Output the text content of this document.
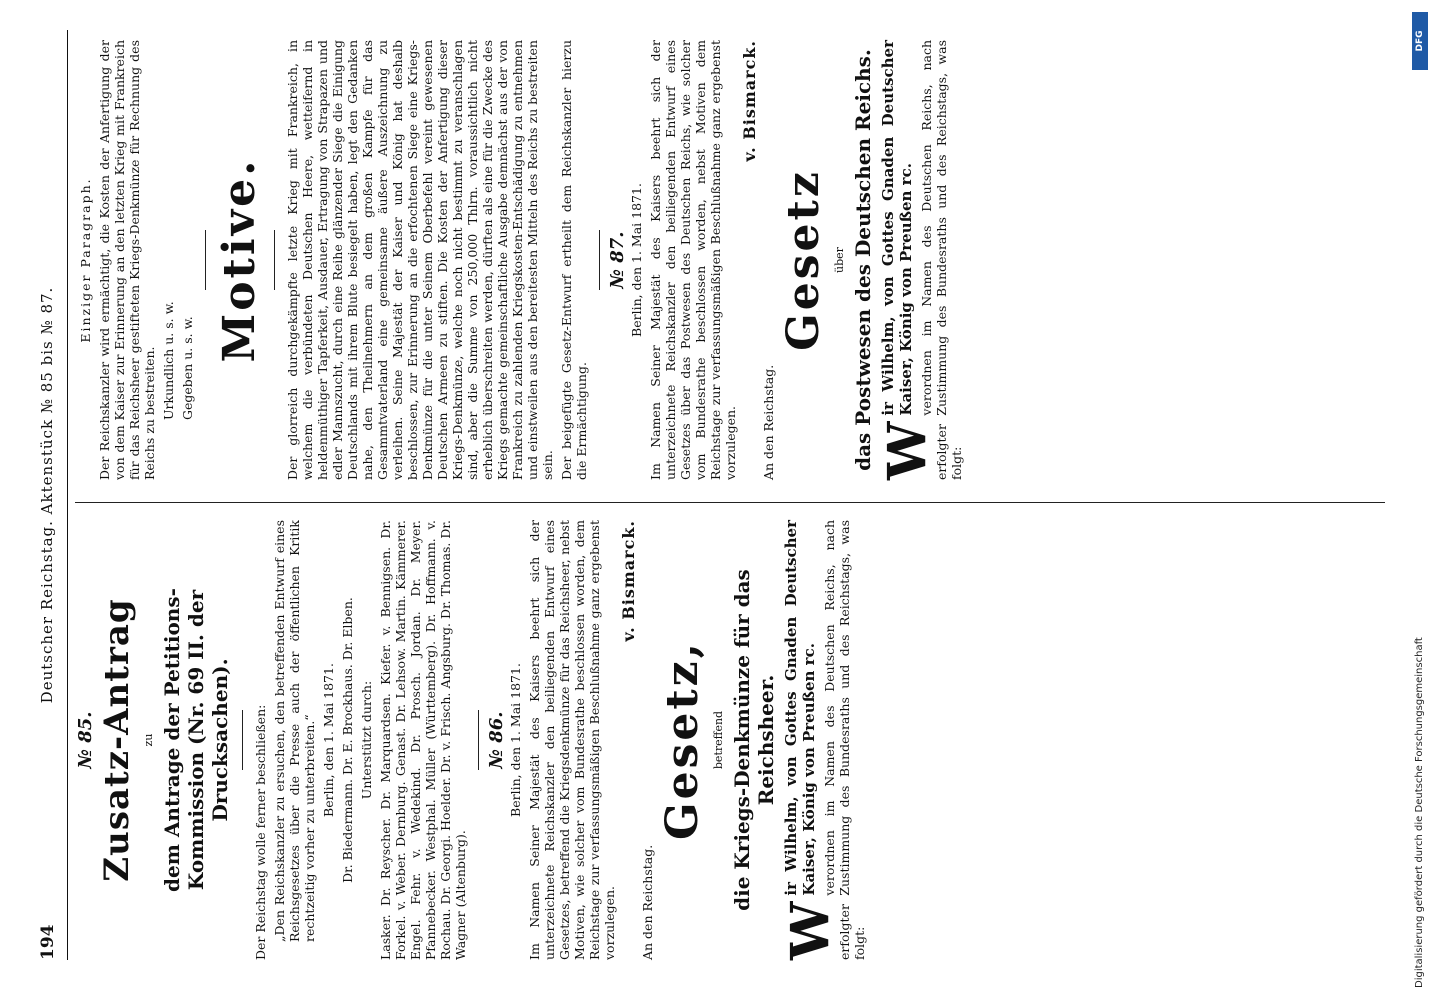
194
Deutscher Reichstag. Aktenstück № 85 bis № 87.

№ 85. Zusatz-Antrag zu dem Antrage der Petitions-Kommission (Nr. 69 II. der Drucksachen). Der Reichstag wolle ferner beschließen: „Den Reichskanzler zu ersuchen, den betreffenden Entwurf eines Reichsgesetzes über die Presse auch der öffentlichen Kritik rechtzeitig vorher zu unterbreiten.“ Berlin, den 1. Mai 1871. Dr. Biedermann. Dr. E. Brockhaus. Dr. Elben. Unterstützt durch: Lasker. Dr. Reyscher. Dr. Marquardsen. Kiefer. v. Bennigsen. Dr. Forkel. v. Weber. Dernburg. Genast. Dr. Lehsow. Martin. Kämmerer. Engel. Fehr. v. Wedekind. Dr. Prosch. Jordan. Dr. Meyer. Pfannebecker. Westphal. Müller (Württemberg). Dr. Hoffmann. v. Rochau. Dr. Georgi. Hoelder. Dr. v. Frisch. Angsburg. Dr. Thomas. Dr. Wagner (Altenburg).

№ 86. Berlin, den 1. Mai 1871. Im Namen Seiner Majestät des Kaisers beehrt sich der unterzeichnete Reichskanzler den beiliegenden Entwurf eines Gesetzes, betreffend die Kriegsdenkmünze für das Reichsheer, nebst Motiven, wie solcher vom Bundesrathe beschlossen worden, dem Reichstage zur verfassungsmäßigen Beschlußnahme ganz ergebenst vorzulegen.

v. Bismarck.

An den Reichstag.

Gesetz, betreffend die Kriegs-Denkmünze für das Reichsheer.

W
ir Wilhelm, von Gottes Gnaden Deutscher Kaiser, König von Preußen rc. verordnen im Namen des Deutschen Reichs, nach erfolgter Zustimmung des Bundesraths und des Reichstags, was folgt:

Einziger Paragraph. Der Reichskanzler wird ermächtigt, die Kosten der Anfertigung der von dem Kaiser zur Erinnerung an den letzten Krieg mit Frankreich für das Reichsheer gestifteten Kriegs-Denkmünze für Rechnung des Reichs zu bestreiten. Urkundlich u. s. w. Gegeben u. s. w.

Motive. Der glorreich durchgekämpfte letzte Krieg mit Frankreich, in welchem die verbündeten Deutschen Heere, wetteifernd in heldenmüthiger Tapferkeit, Ausdauer, Ertragung von Strapazen und edler Mannszucht, durch eine Reihe glänzender Siege die Einigung Deutschlands mit ihrem Blute besiegelt haben, legt den Gedanken nahe, den Theilnehmern an dem großen Kampfe für das Gesammtvaterland eine gemeinsame äußere Auszeichnung zu verleihen. Seine Majestät der Kaiser und König hat deshalb beschlossen, zur Erinnerung an die erfochtenen Siege eine Kriegs-Denkmünze für die unter Seinem Oberbefehl vereint gewesenen Deutschen Armeen zu stiften. Die Kosten der Anfertigung dieser Kriegs-Denkmünze, welche noch nicht bestimmt zu veranschlagen sind, aber die Summe von 250,000 Thlrn. voraussichtlich nicht erheblich überschreiten werden, dürften als eine für die Zwecke des Kriegs gemachte gemeinschaftliche Ausgabe demnächst aus der von Frankreich zu zahlenden Kriegskosten-Entschädigung zu entnehmen und einstweilen aus den bereitesten Mitteln des Reichs zu bestreiten sein. Der beigefügte Gesetz-Entwurf ertheilt dem Reichskanzler hierzu die Ermächtigung.

№ 87. Berlin, den 1. Mai 1871. Im Namen Seiner Majestät des Kaisers beehrt sich der unterzeichnete Reichskanzler den beiliegenden Entwurf eines Gesetzes über das Postwesen des Deutschen Reichs, wie solcher vom Bundesrathe beschlossen worden, nebst Motiven dem Reichstage zur verfassungsmäßigen Beschlußnahme ganz ergebenst vorzulegen.

v. Bismarck.

An den Reichstag.

Gesetz über das Postwesen des Deutschen Reichs. W
ir Wilhelm, von Gottes Gnaden Deutscher Kaiser, König von Preußen rc. verordnen im Namen des Deutschen Reichs, nach erfolgter Zustimmung des Bundesraths und des Reichstags, was folgt:

Digitalisierung gefördert durch die Deutsche Forschungsgemeinschaft
DFG
